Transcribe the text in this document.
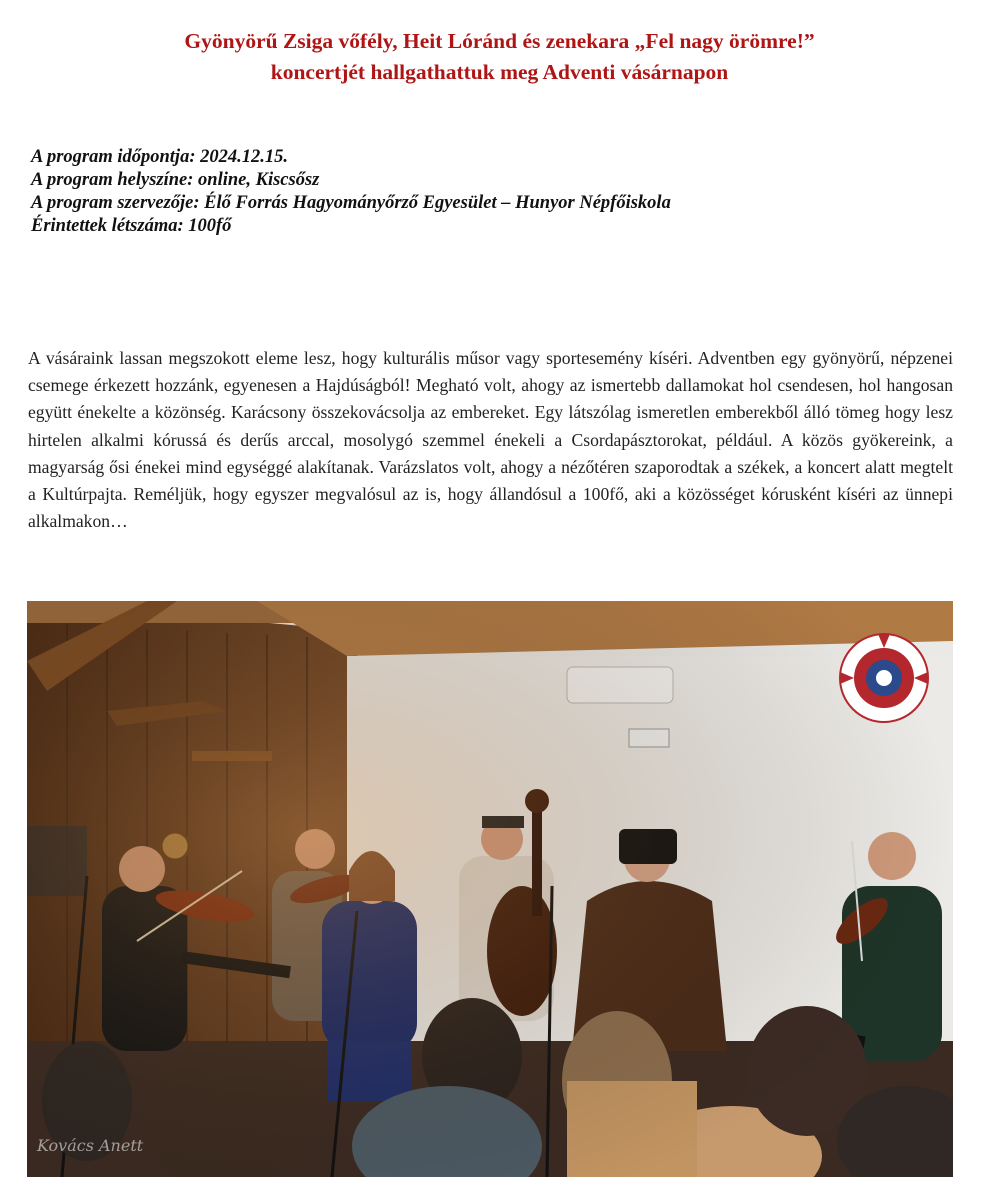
Gyönyörű Zsiga vőfély, Heit Lóránd és zenekara „Fel nagy örömre!”
koncertjét hallgathattuk meg Adventi vásárnapon
A program időpontja: 2024.12.15.
A program helyszíne: online, Kiscsősz
A program szervezője: Élő Forrás Hagyományőrző Egyesület – Hunyor Népfőiskola
Érintettek létszáma: 100fő
A vásáraink lassan megszokott eleme lesz, hogy kulturális műsor vagy sportesemény kíséri. Adventben egy gyönyörű, népzenei csemege érkezett hozzánk, egyenesen a Hajdúságból! Megható volt, ahogy az ismertebb dallamokat hol csendesen, hol hangosan együtt énekelte a közönség. Karácsony összekovácsolja az embereket. Egy látszólag ismeretlen emberekből álló tömeg hogy lesz hirtelen alkalmi kórussá és derűs arccal, mosolygó szemmel énekeli a Csordapásztorokat, például. A közös gyökereink, a magyarság ősi énekei mind egységgé alakítanak. Varázslatos volt, ahogy a nézőtéren szaporodtak a székek, a koncert alatt megtelt a Kultúrpajta. Reméljük, hogy egyszer megvalósul az is, hogy állandósul a 100fő, aki a közösséget kórusként kíséri az ünnepi alkalmakon…
Kovács Anett
